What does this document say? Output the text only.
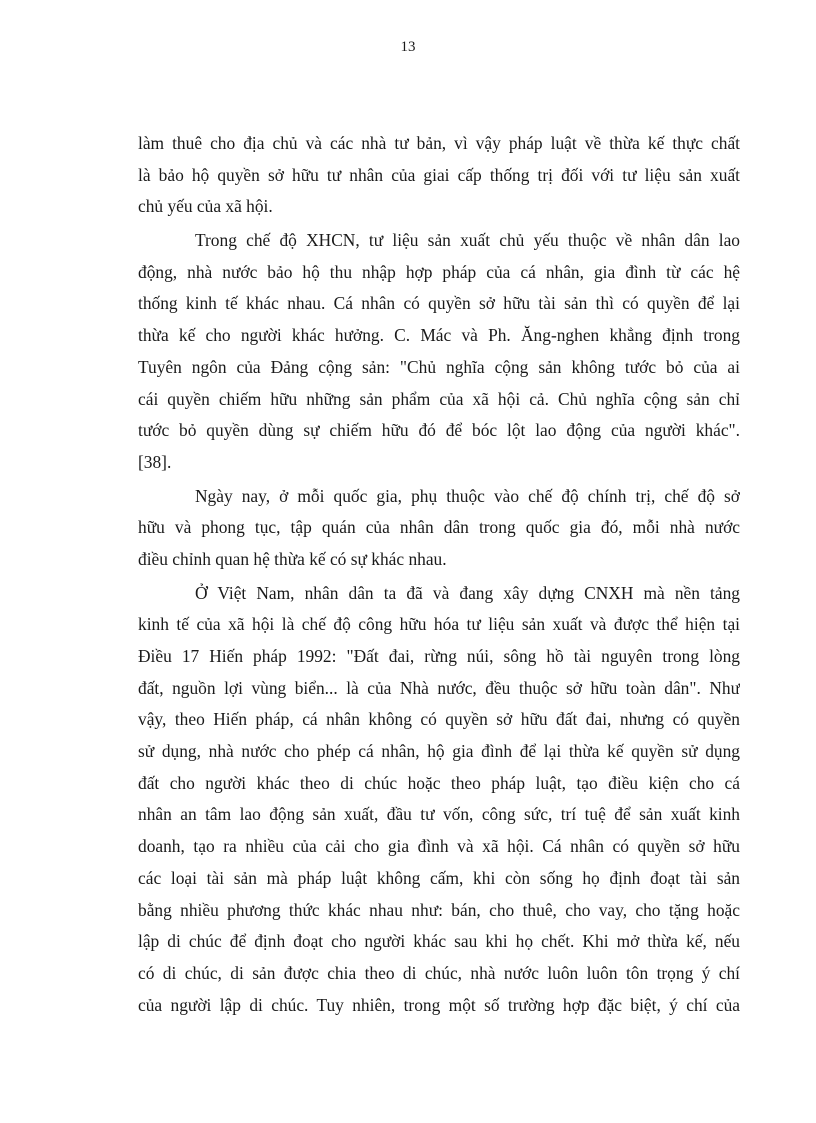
13
làm thuê cho địa chủ và các nhà tư bản, vì vậy pháp luật về thừa kế thực chất
là bảo hộ quyền sở hữu tư nhân của giai cấp thống trị đối với tư liệu sản xuất
chủ yếu của xã hội.
Trong chế độ XHCN, tư liệu sản xuất chủ yếu thuộc về nhân dân lao
động, nhà nước bảo hộ thu nhập hợp pháp của cá nhân, gia đình từ các hệ
thống kinh tế khác nhau. Cá nhân có quyền sở hữu tài sản thì có quyền để lại
thừa kế cho người khác hưởng. C. Mác và Ph. Ăng-nghen khẳng định trong
Tuyên ngôn của Đảng cộng sản: "Chủ nghĩa cộng sản không tước bỏ của ai
cái quyền chiếm hữu những sản phẩm của xã hội cả. Chủ nghĩa cộng sản chỉ
tước bỏ quyền dùng sự chiếm hữu đó để bóc lột lao động của người khác".
[38].
Ngày nay, ở mỗi quốc gia, phụ thuộc vào chế độ chính trị, chế độ sở
hữu và phong tục, tập quán của nhân dân trong quốc gia đó, mỗi nhà nước
điều chỉnh quan hệ thừa kế có sự khác nhau.
Ở Việt Nam, nhân dân ta đã và đang xây dựng CNXH mà nền tảng
kinh tế của xã hội là chế độ công hữu hóa tư liệu sản xuất và được thể hiện tại
Điều 17 Hiến pháp 1992: "Đất đai, rừng núi, sông hồ tài nguyên trong lòng
đất, nguồn lợi vùng biển... là của Nhà nước, đều thuộc sở hữu toàn dân". Như
vậy, theo Hiến pháp, cá nhân không có quyền sở hữu đất đai, nhưng có quyền
sử dụng, nhà nước cho phép cá nhân, hộ gia đình để lại thừa kế quyền sử dụng
đất cho người khác theo di chúc hoặc theo pháp luật, tạo điều kiện cho cá
nhân an tâm lao động sản xuất, đầu tư vốn, công sức, trí tuệ để sản xuất kinh
doanh, tạo ra nhiều của cải cho gia đình và xã hội. Cá nhân có quyền sở hữu
các loại tài sản mà pháp luật không cấm, khi còn sống họ định đoạt tài sản
bằng nhiều phương thức khác nhau như: bán, cho thuê, cho vay, cho tặng hoặc
lập di chúc để định đoạt cho người khác sau khi họ chết. Khi mở thừa kế, nếu
có di chúc, di sản được chia theo di chúc, nhà nước luôn luôn tôn trọng ý chí
của người lập di chúc. Tuy nhiên, trong một số trường hợp đặc biệt, ý chí của
